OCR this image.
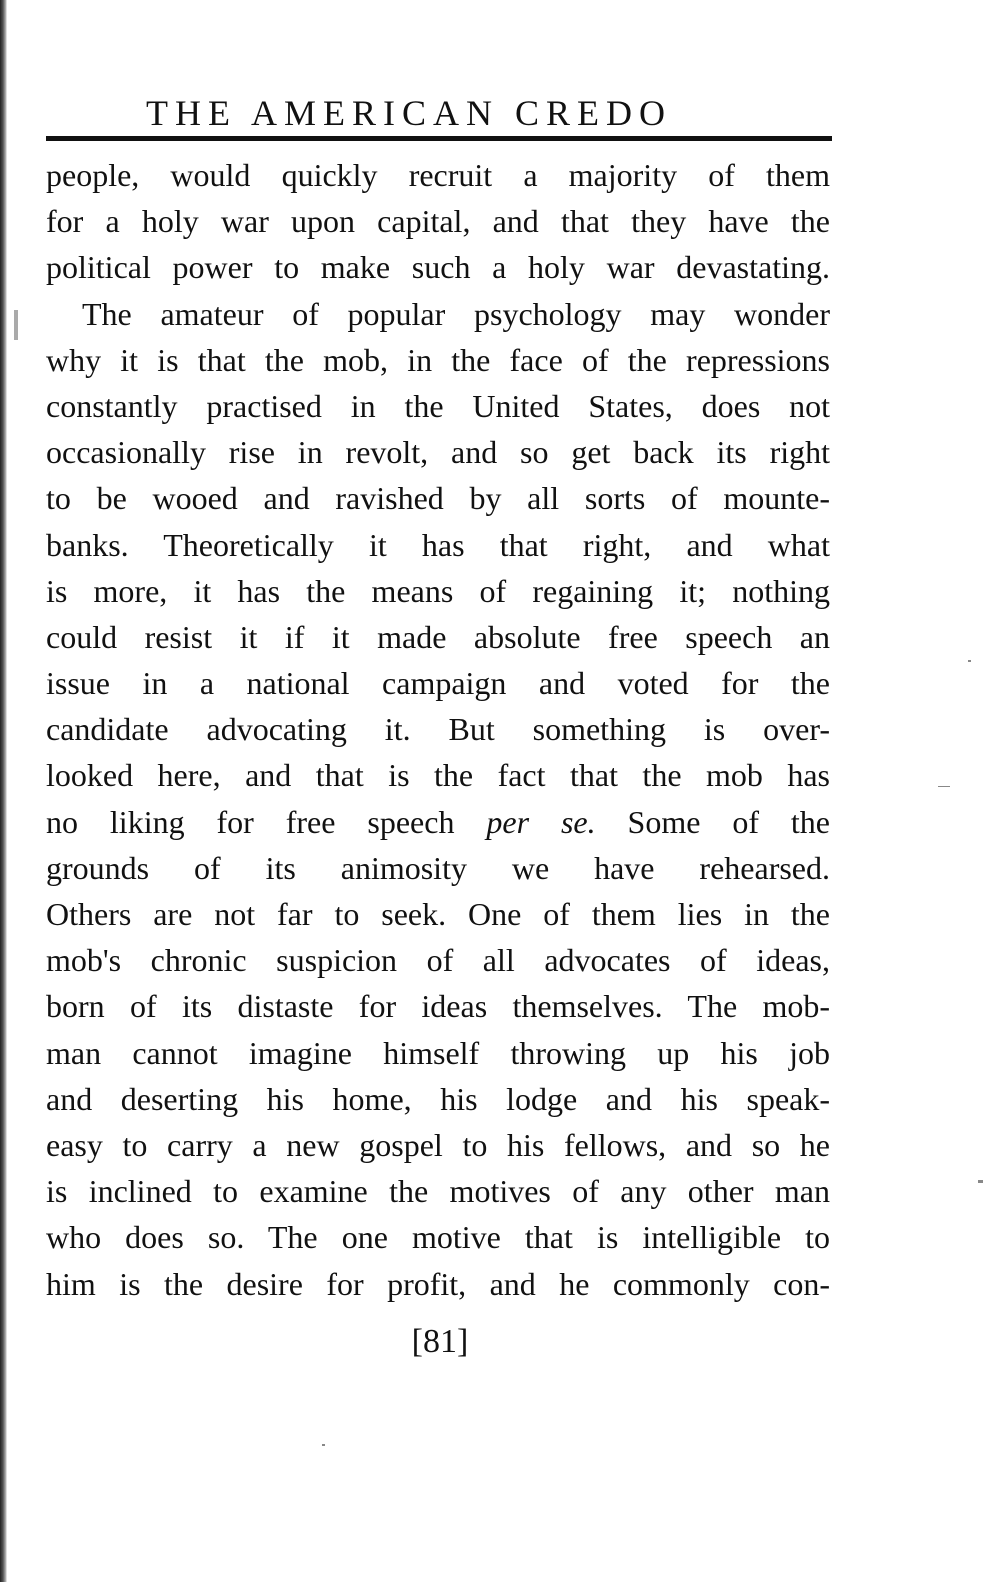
THE AMERICAN CREDO
people, would quickly recruit a majority of them
for a holy war upon capital, and that they have the
political power to make such a holy war devastating.
The amateur of popular psychology may wonder
why it is that the mob, in the face of the repressions
constantly practised in the United States, does not
occasionally rise in revolt, and so get back its right
to be wooed and ravished by all sorts of mounte-
banks. Theoretically it has that right, and what
is more, it has the means of regaining it; nothing
could resist it if it made absolute free speech an
issue in a national campaign and voted for the
candidate advocating it. But something is over-
looked here, and that is the fact that the mob has
no liking for free speech per se. Some of the
grounds of its animosity we have rehearsed.
Others are not far to seek. One of them lies in the
mob's chronic suspicion of all advocates of ideas,
born of its distaste for ideas themselves. The mob-
man cannot imagine himself throwing up his job
and deserting his home, his lodge and his speak-
easy to carry a new gospel to his fellows, and so he
is inclined to examine the motives of any other man
who does so. The one motive that is intelligible to
him is the desire for profit, and he commonly con-
[81]
